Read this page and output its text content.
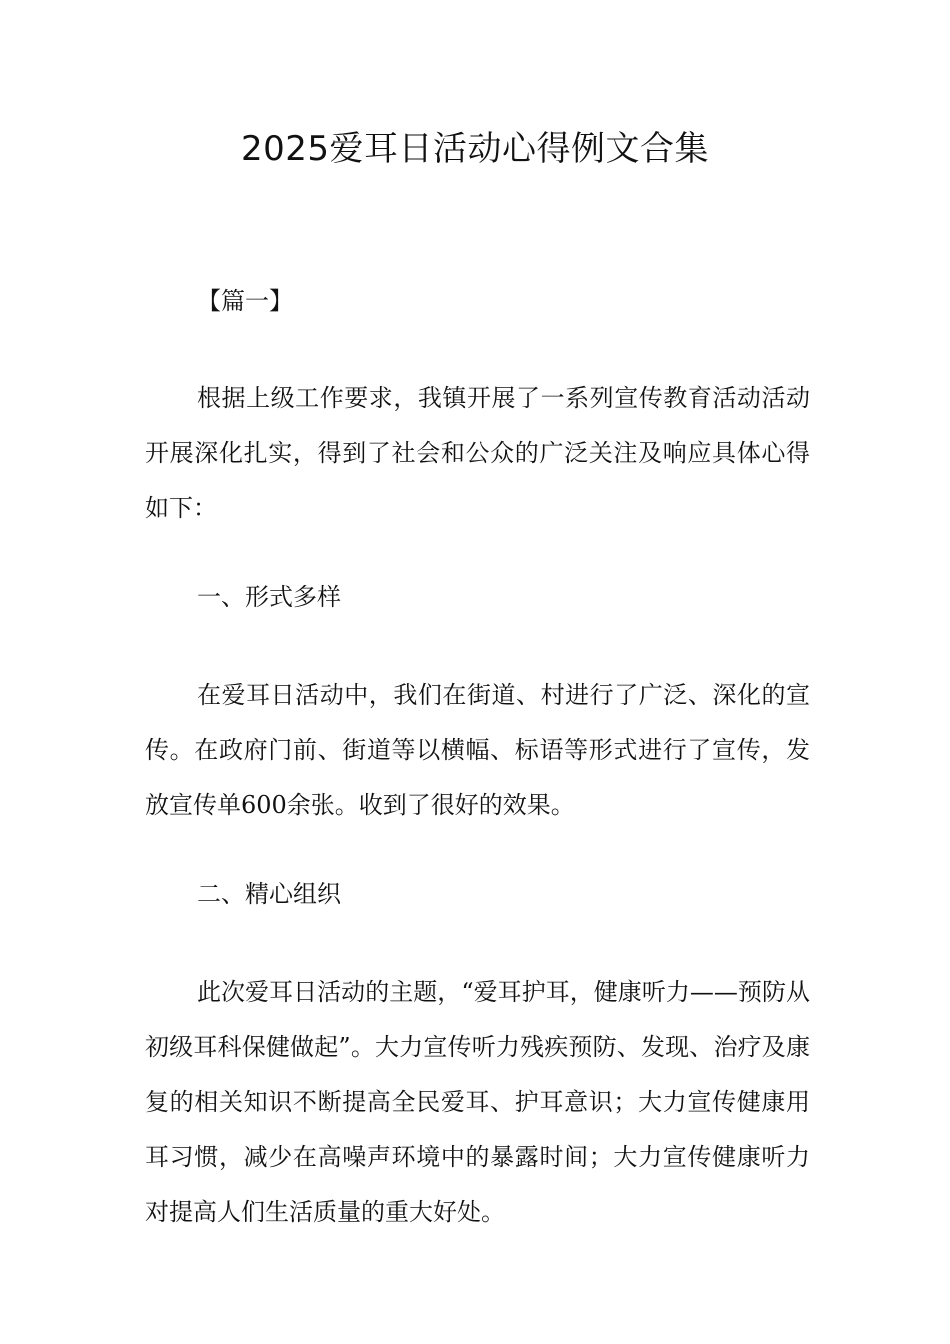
2025爱耳日活动心得例文合集

【篇一】

根据上级工作要求，我镇开展了一系列宣传教育活动活动开展深化扎实，得到了社会和公众的广泛关注及响应具体心得如下：

一、形式多样

在爱耳日活动中，我们在街道、村进行了广泛、深化的宣传。在政府门前、街道等以横幅、标语等形式进行了宣传，发放宣传单600余张。收到了很好的效果。

二、精心组织

此次爱耳日活动的主题，“爱耳护耳，健康听力——预防从初级耳科保健做起”。大力宣传听力残疾预防、发现、治疗及康复的相关知识不断提高全民爱耳、护耳意识；大力宣传健康用耳习惯，减少在高噪声环境中的暴露时间；大力宣传健康听力对提高人们生活质量的重大好处。
